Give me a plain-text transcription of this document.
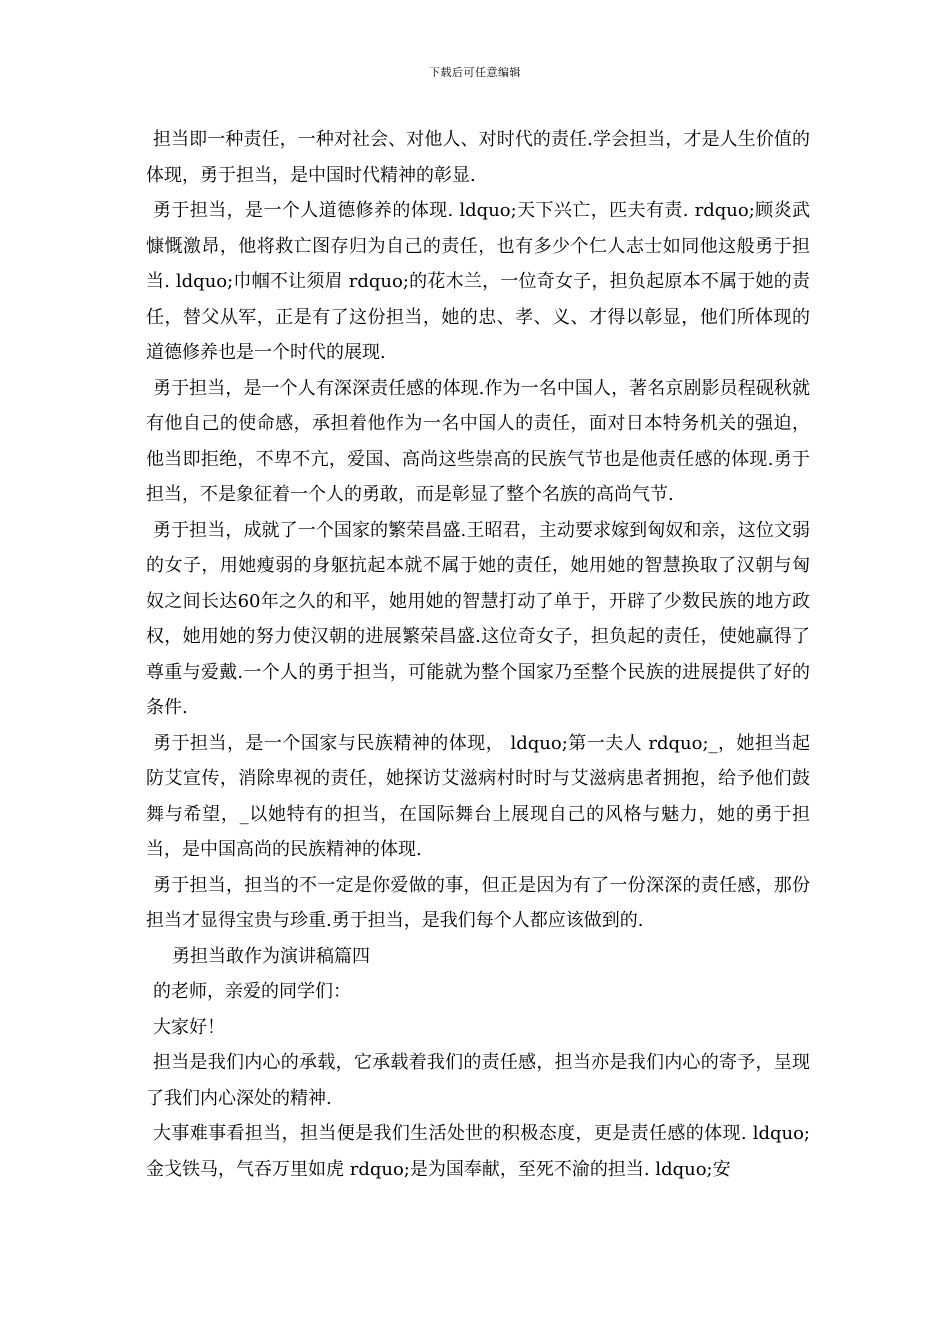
下载后可任意编辑

担当即一种责任，一种对社会、对他人、对时代的责任.学会担当，才是人生价值的体现，勇于担当，是中国时代精神的彰显.

勇于担当，是一个人道德修养的体现. ldquo;天下兴亡，匹夫有责. rdquo;顾炎武慷慨激昂，他将救亡图存归为自己的责任，也有多少个仁人志士如同他这般勇于担当. ldquo;巾帼不让须眉 rdquo;的花木兰，一位奇女子，担负起原本不属于她的责任，替父从军，正是有了这份担当，她的忠、孝、义、才得以彰显，他们所体现的道德修养也是一个时代的展现.

勇于担当，是一个人有深深责任感的体现.作为一名中国人，著名京剧影员程砚秋就有他自己的使命感，承担着他作为一名中国人的责任，面对日本特务机关的强迫，他当即拒绝，不卑不亢，爱国、高尚这些崇高的民族气节也是他责任感的体现.勇于担当，不是象征着一个人的勇敢，而是彰显了整个名族的高尚气节.

勇于担当，成就了一个国家的繁荣昌盛.王昭君，主动要求嫁到匈奴和亲，这位文弱的女子，用她瘦弱的身躯抗起本就不属于她的责任，她用她的智慧换取了汉朝与匈奴之间长达60年之久的和平，她用她的智慧打动了单于，开辟了少数民族的地方政权，她用她的努力使汉朝的进展繁荣昌盛.这位奇女子，担负起的责任，使她赢得了尊重与爱戴.一个人的勇于担当，可能就为整个国家乃至整个民族的进展提供了好的条件.

勇于担当，是一个国家与民族精神的体现， ldquo;第一夫人 rdquo;_，她担当起防艾宣传，消除卑视的责任，她探访艾滋病村时时与艾滋病患者拥抱，给予他们鼓舞与希望，_以她特有的担当，在国际舞台上展现自己的风格与魅力，她的勇于担当，是中国高尚的民族精神的体现.

勇于担当，担当的不一定是你爱做的事，但正是因为有了一份深深的责任感，那份担当才显得宝贵与珍重.勇于担当，是我们每个人都应该做到的.

勇担当敢作为演讲稿篇四

的老师，亲爱的同学们：

大家好！

担当是我们内心的承载，它承载着我们的责任感，担当亦是我们内心的寄予，呈现了我们内心深处的精神.

大事难事看担当，担当便是我们生活处世的积极态度，更是责任感的体现. ldquo;金戈铁马，气吞万里如虎 rdquo;是为国奉献，至死不渝的担当. ldquo;安
